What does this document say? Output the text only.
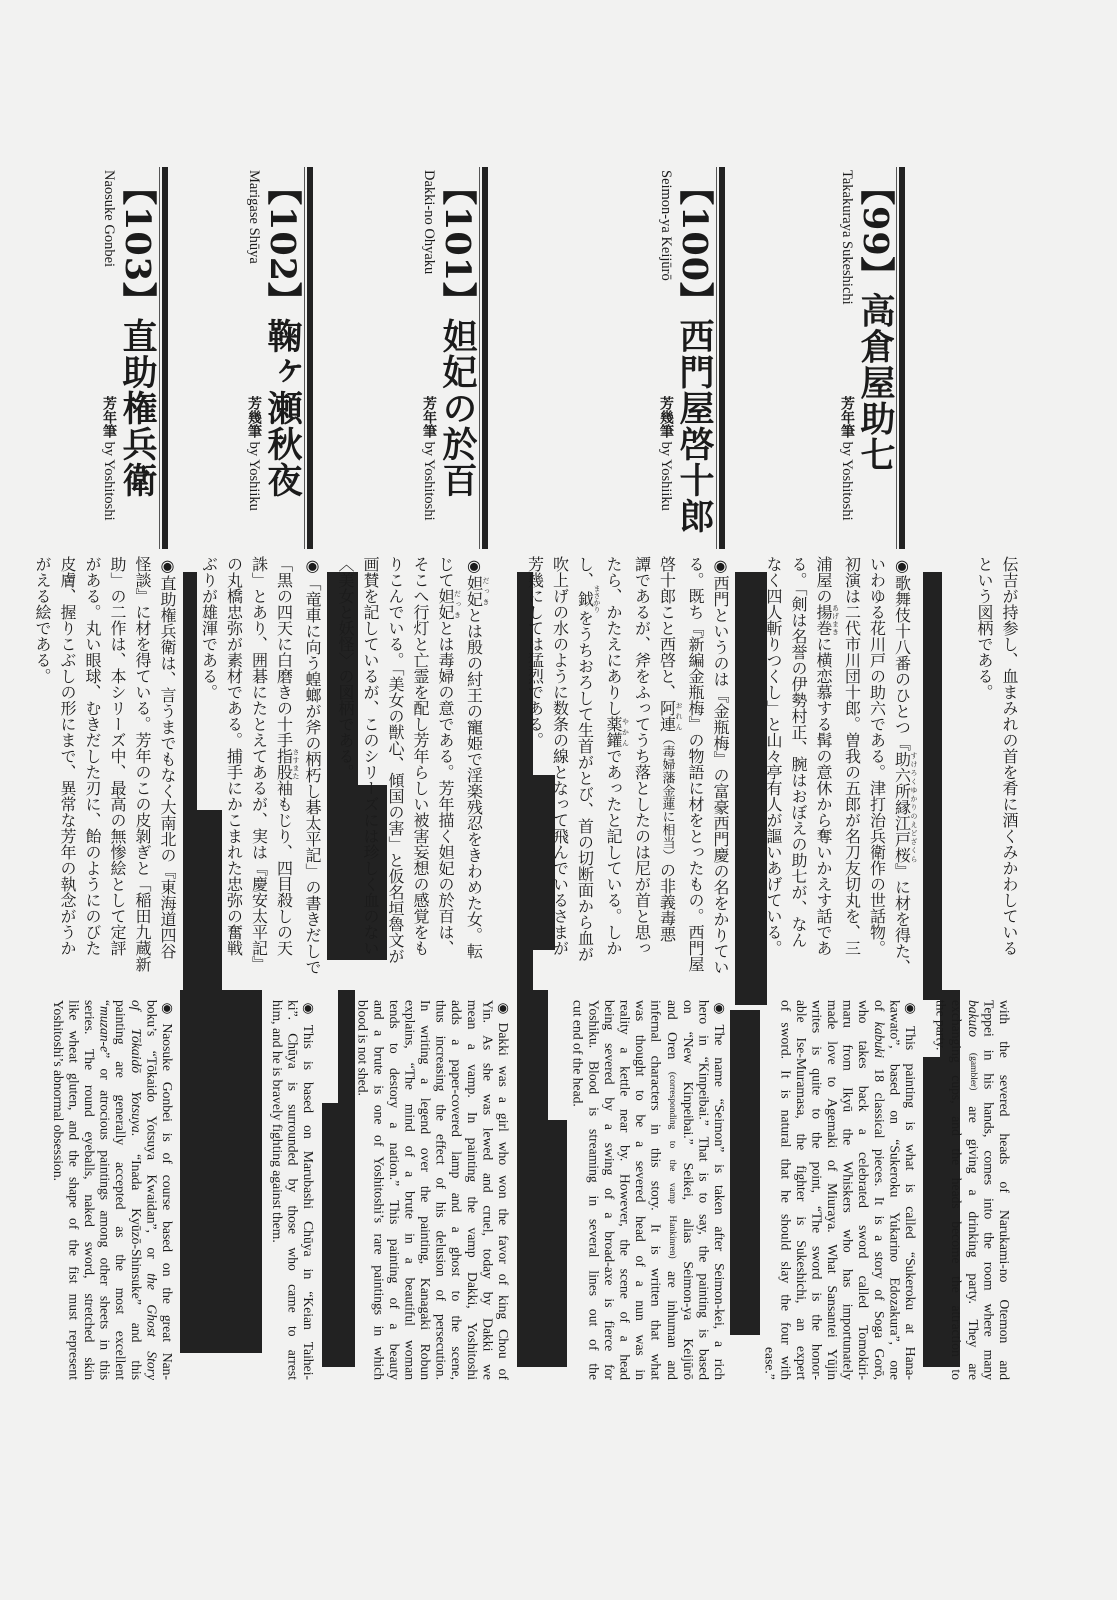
【99】高倉屋助七
Takakuraya Sukeshichi
芳年筆 by Yoshitoshi
【100】西門屋啓十郎
Seimon-ya Keijūrō
芳幾筆 by Yoshiiku
【101】妲妃の於百
Dakki-no Ohyaku
芳年筆 by Yoshitoshi
【102】鞠ヶ瀬秋夜
Marigase Shūya
芳幾筆 by Yoshiiku
【103】直助権兵衛
Naosuke Gonbei
芳年筆 by Yoshitoshi
伝吉が持参し、血まみれの首を肴に酒くみかわしている
という図柄である。
◉歌舞伎十八番のひとつ『助六所縁江戸桜すけろくゆかりのえどざくら』に材を得た、
いわゆる花川戸の助六である。津打治兵衛作の世話物。
初演は二代市川団十郎。曽我の五郎が名刀友切丸を、三
浦屋の揚巻あげまきに横恋慕する髯の意休から奪いかえす話であ
る。「剣は名誉の伊勢村正、腕はおぼえの助七が、なん
なく四人斬りつくし」と山々亭有人が謳いあげている。
◉西門というのは『金瓶梅』の富豪西門慶の名をかりてい
る。既ち『新編金瓶梅』の物語に材をとったもの。西門屋
啓十郎こと西啓と、阿連おれん（毒婦藩金蓮に相当）の非義毒悪
譚であるが、斧をふってうち落としたのは尼が首と思っ
たら、かたえにありし薬鑵やかんであったと記している。しか
し、鉞まさかりをうちおろして生首がとび、首の切断面から血が
吹上げの水のように数条の線となって飛んでいるさまが
芳幾にしては猛烈である。
◉妲妃だっきとは殷の紂王の寵姫で淫楽残忍をきわめた女。転
じて妲妃だっきとは毒婦の意である。芳年描く妲妃の於百は、
そこへ行灯と亡霊を配し芳年らしい被害妄想の感覚をも
りこんでいる。「美女の獣心、傾国の害」と仮名垣魯文が
画賛を記しているが、このシリーズには珍しく血のない
〈美女と妖怪〉の図柄である。
◉「竜車に向う蝗螂が斧の柄朽し碁太平記」の書きだしで
「黒の四天に白磨きの十手指股さすまた袖もじり、四目殺しの天
誅」とあり、囲碁にたとえてあるが、実は『慶安太平記』
の丸橋忠弥が素材である。捕手にかこまれた忠弥の奮戦
ぶりが雄渾である。
◉直助権兵衛は、言うまでもなく大南北の『東海道四谷
怪談』に材を得ている。芳年のこの皮剝ぎと「稲田九蔵新
助」の二作は、本シリーズ中、最高の無惨絵として定評
がある。丸い眼球、むきだした刃に、飴のようにのびた
皮膚、握りこぶしの形にまで、異常な芳年の執念がうか
がえる絵である。
with the severed heads of Narukami-no Otemon and
Teppei in his hands, comes into the room where many
bakuto (gambler) are giving a drinking party. They are
exchanging cups, and the heads become the attraction to
the party.
◉This painting is what is called “Sukeroku at Hana-
kawato”, based on “Sukeroku Yukarino Edozakura”, one
of kabuki 18 classical pieces. It is a story of Soga Gorō,
who takes back a celebrated sword called Tomokiri-
maru from Ikyū the Whiskers who has importunately
made love to Agemaki of Miuraya. What Sansantei Yūjin
writes is quite to the point, “The sword is the honor-
able Ise-Muramasa, the fighter is Sukeshichi, an expert
of sword. It is natural that he should slay the four with
ease.”
◉The name “Seimon” is taken after Seimon-kei, a rich
hero in “Kinpeibai.” That is to say, the painting is based
on “New Kinpeibai.” Seikei, alias Seimon-ya Keijūrō
and Oren (corresponding to the vamp Hankinren) are inhuman and
infernal characters in this story. It is written that what
was thought to be a severed head of a nun was in
reality a kettle near by. However, the scene of a head
being severed by a swing of a broad-axe is fierce for
Yoshiku. Blood is streaming in several lines out of the
cut end of the head.
◉Dakki was a girl who won the favor of king Chou of
Yin. As she was lewed and cruel, today by Dakki we
mean a vamp. In painting the vamp Dakki, Yoshitoshi
adds a paper-covered lamp and a ghost to the scene,
thus increasing the effect of his delusion of persecution.
In writing a legend over the painting, Kanagaki Robun
explains, “The mind of a brute in a beautiful woman
tends to destory a nation.” This painting of a beauty
and a brute is one of Yoshitoshi’s rare paintings in which
blood is not shed.
◉This is based on Marubashi Chūya in “Keian Taihei-
ki”. Chūya is surrounded by those who came to arrest
him, and he is bravely fighting against them.
◉Naosuke Gonbei is of course based on the great Nan-
boku’s “Tōkaido Yotsuya Kwaidan”, or the Ghost Story
of Tōkaidō Yotsuya. “Inada Kyūzō-Shinsuke” and this
painting are generally accepted as the most excellent
“muzan-e” or atrocious paintings among other sheets in this
series. The round eyeballs, naked sword, stretched skin
like wheat gluten, and the shape of the fist must represent
Yoshitoshi’s abnormal obsession.
